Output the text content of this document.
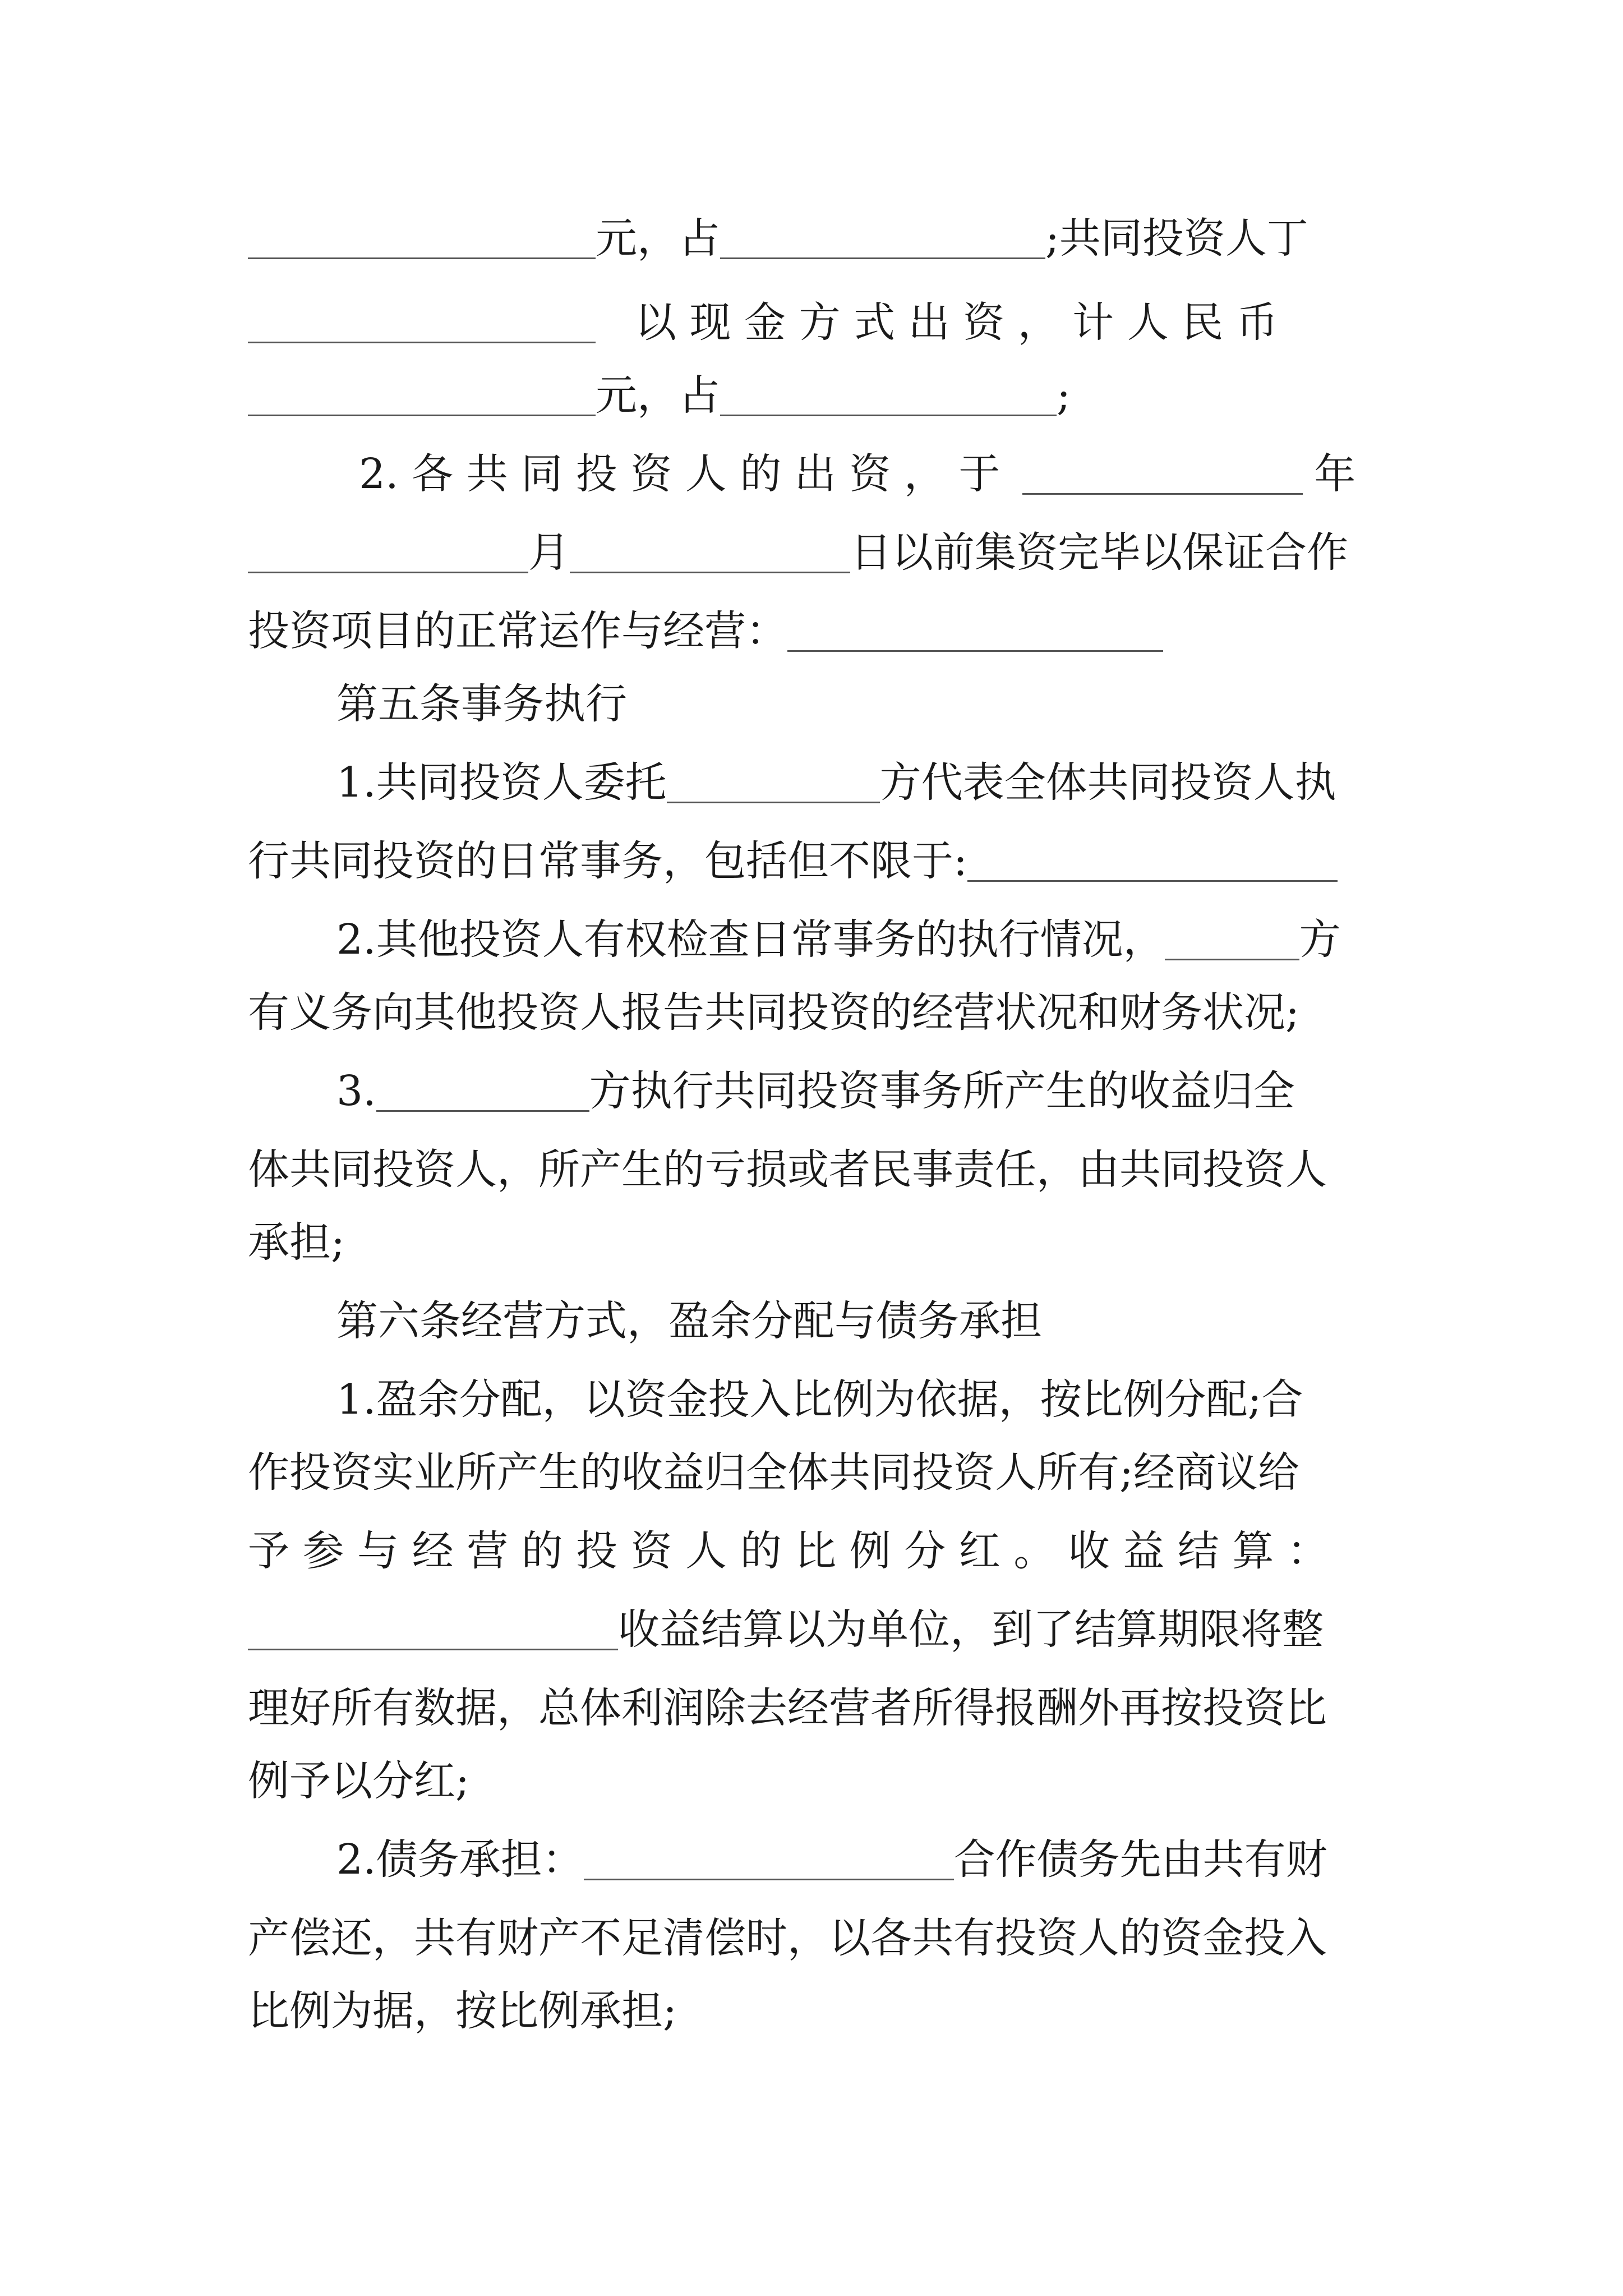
元，占	;共同投资人丁
以 现 金 方 式 出 资 ， 计 人 民 币
元，占	;
2. 各 共 同 投 资 人 的 出 资 ， 于	年
月	日以前集资完毕以保证合作
投资项目的正常运作与经营：
第五条事务执行
1.共同投资人委托	方代表全体共同投资人执
行共同投资的日常事务，包括但不限于:
2.其他投资人有权检查日常事务的执行情况，	方
有义务向其他投资人报告共同投资的经营状况和财务状况;
3.	方执行共同投资事务所产生的收益归全
体共同投资人，所产生的亏损或者民事责任，由共同投资人
承担;
第六条经营方式，盈余分配与债务承担
1.盈余分配，以资金投入比例为依据，按比例分配;合
作投资实业所产生的收益归全体共同投资人所有;经商议给
予 参 与 经 营 的 投 资 人 的 比 例 分 红 。 收 益 结 算 ：
收益结算以为单位，到了结算期限将整
理好所有数据，总体利润除去经营者所得报酬外再按投资比
例予以分红;
2.债务承担：	合作债务先由共有财
产偿还，共有财产不足清偿时，以各共有投资人的资金投入
比例为据，按比例承担;
